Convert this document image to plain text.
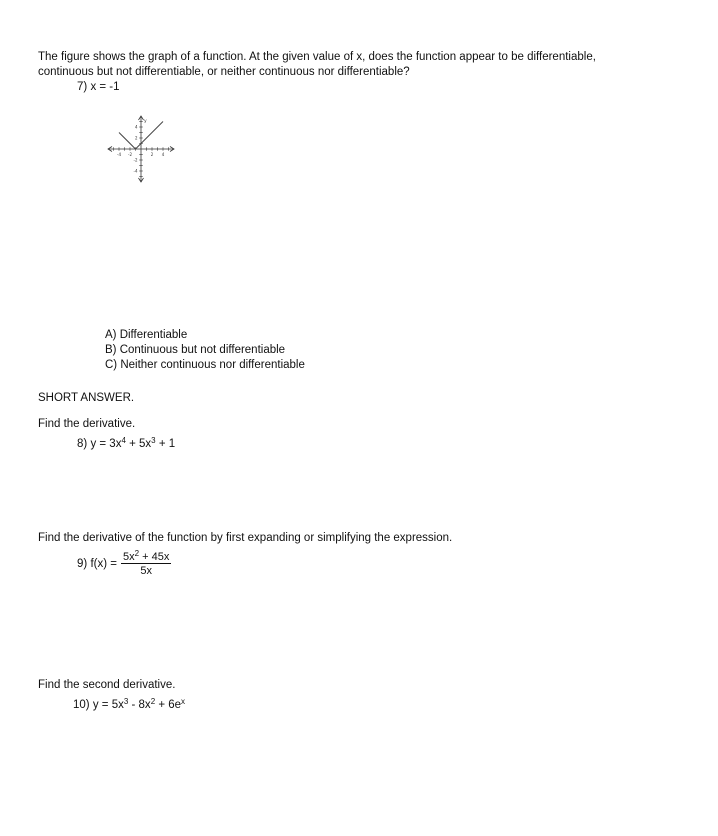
The figure shows the graph of a function. At the given value of x, does the function appear to be differentiable,
continuous but not differentiable, or neither continuous nor differentiable?
7) x = -1
-4 -2	2 4
4
2
-2
-4
y
A) Differentiable
B) Continuous but not differentiable
C) Neither continuous nor differentiable
SHORT ANSWER.
Find the derivative.
8) $y = 3x^4 + 5x^3 + 1$
Find the derivative of the function by first expanding or simplifying the expression.
9) $f(x) = \frac{5x^2 + 45x}{5x}$
Find the second derivative.
10) $y = 5x^3 - 8x^2 + 6e^x$
